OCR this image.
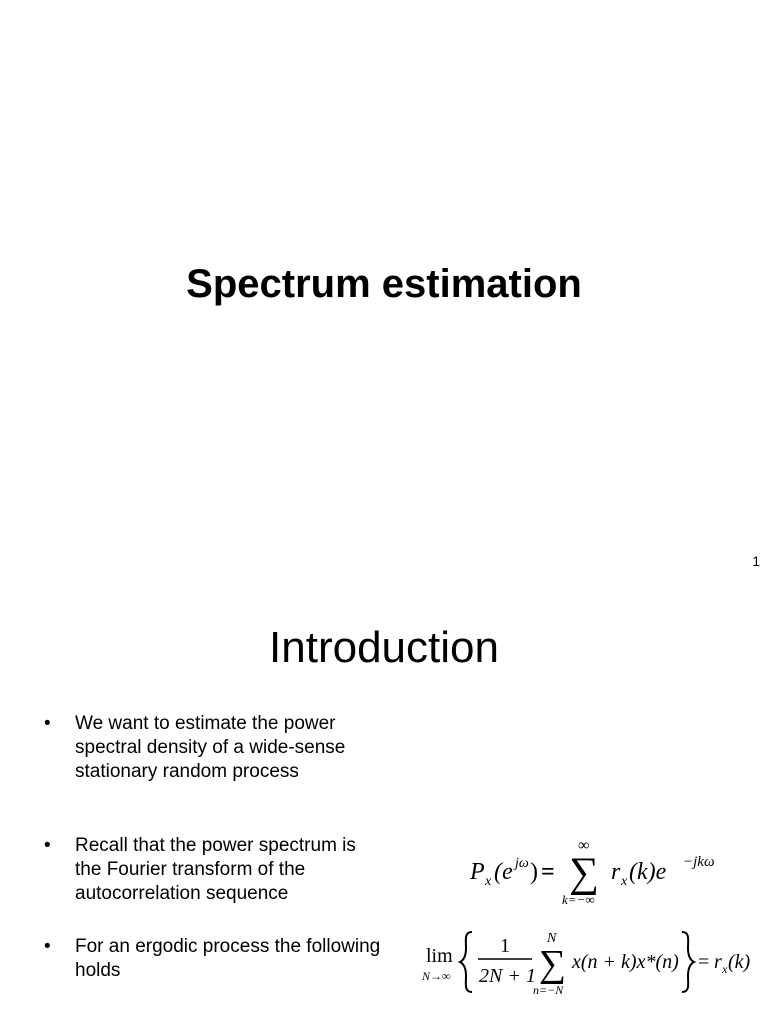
Spectrum estimation
1
Introduction
•	We want to estimate the power spectral density of a wide-sense stationary random process
•	Recall that the power spectrum is the Fourier transform of the autocorrelation sequence
•	For an ergodic process the following holds
P x (e jω ) =
∞
∑
k=−∞
r x (k)e −jkω
lim
N→∞
1
2N + 1
N
∑
n=−N
x(n + k)x*(n) = r x (k)
